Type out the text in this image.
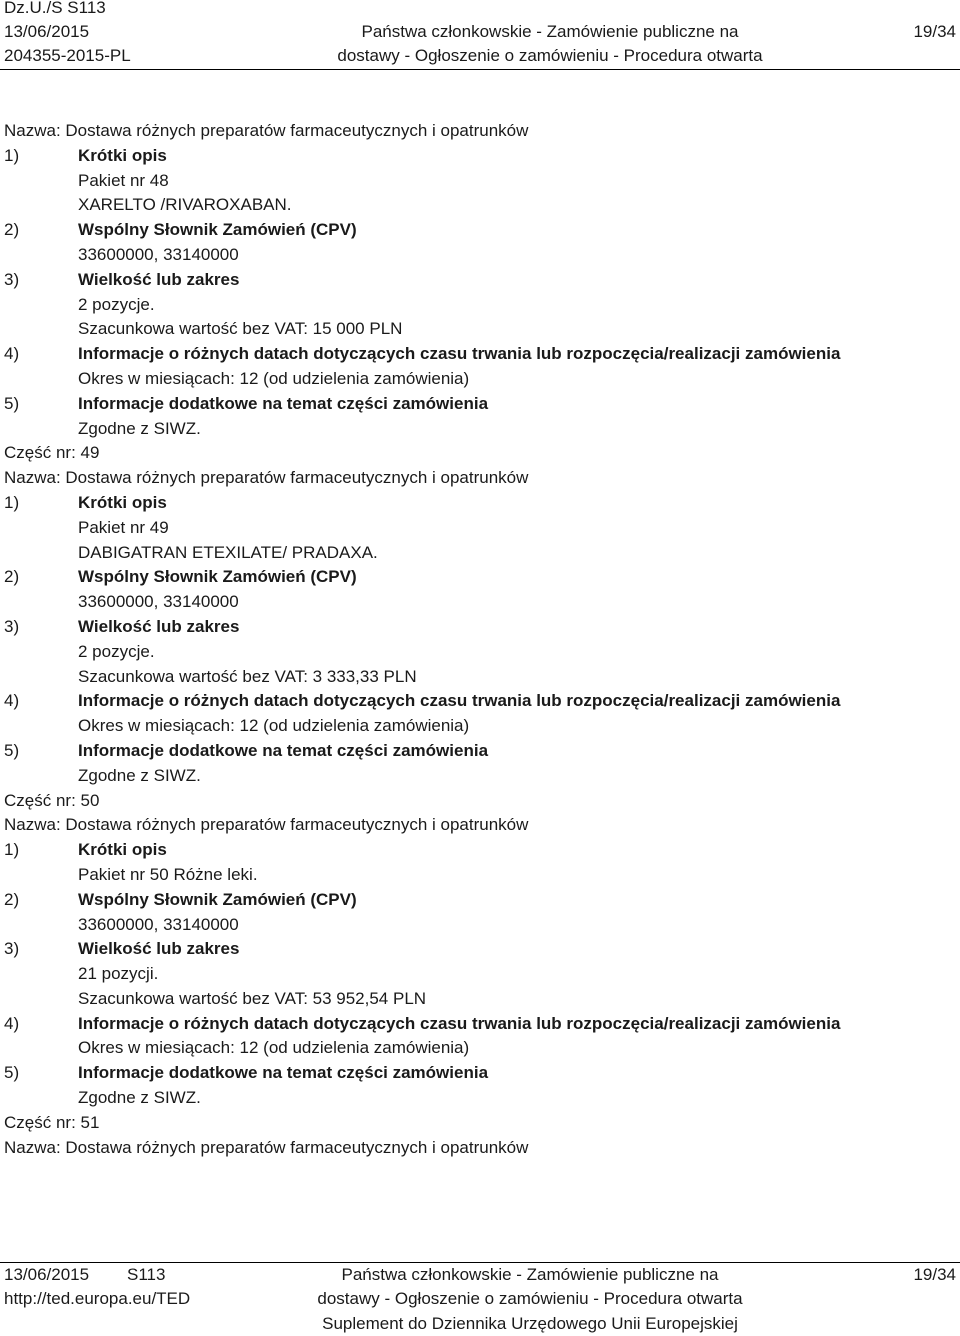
Dz.U./S S113
13/06/2015
204355-2015-PL
Państwa członkowskie - Zamówienie publiczne na
dostawy - Ogłoszenie o zamówieniu - Procedura otwarta
19/34
Nazwa: Dostawa różnych preparatów farmaceutycznych i opatrunków
1)	Krótki opis
Pakiet nr 48
XARELTO /RIVAROXABAN.
2)	Wspólny Słownik Zamówień (CPV)
33600000, 33140000
3)	Wielkość lub zakres
2 pozycje.
Szacunkowa wartość bez VAT: 15 000 PLN
4)	Informacje o różnych datach dotyczących czasu trwania lub rozpoczęcia/realizacji zamówienia
Okres w miesiącach: 12 (od udzielenia zamówienia)
5)	Informacje dodatkowe na temat części zamówienia
Zgodne z SIWZ.
Część nr: 49
Nazwa: Dostawa różnych preparatów farmaceutycznych i opatrunków
1)	Krótki opis
Pakiet nr 49
DABIGATRAN ETEXILATE/ PRADAXA.
2)	Wspólny Słownik Zamówień (CPV)
33600000, 33140000
3)	Wielkość lub zakres
2 pozycje.
Szacunkowa wartość bez VAT: 3 333,33 PLN
4)	Informacje o różnych datach dotyczących czasu trwania lub rozpoczęcia/realizacji zamówienia
Okres w miesiącach: 12 (od udzielenia zamówienia)
5)	Informacje dodatkowe na temat części zamówienia
Zgodne z SIWZ.
Część nr: 50
Nazwa: Dostawa różnych preparatów farmaceutycznych i opatrunków
1)	Krótki opis
Pakiet nr 50 Różne leki.
2)	Wspólny Słownik Zamówień (CPV)
33600000, 33140000
3)	Wielkość lub zakres
21 pozycji.
Szacunkowa wartość bez VAT: 53 952,54 PLN
4)	Informacje o różnych datach dotyczących czasu trwania lub rozpoczęcia/realizacji zamówienia
Okres w miesiącach: 12 (od udzielenia zamówienia)
5)	Informacje dodatkowe na temat części zamówienia
Zgodne z SIWZ.
Część nr: 51
Nazwa: Dostawa różnych preparatów farmaceutycznych i opatrunków
13/06/2015 S113
http://ted.europa.eu/TED
Państwa członkowskie - Zamówienie publiczne na
dostawy - Ogłoszenie o zamówieniu - Procedura otwarta
Suplement do Dziennika Urzędowego Unii Europejskiej
19/34
